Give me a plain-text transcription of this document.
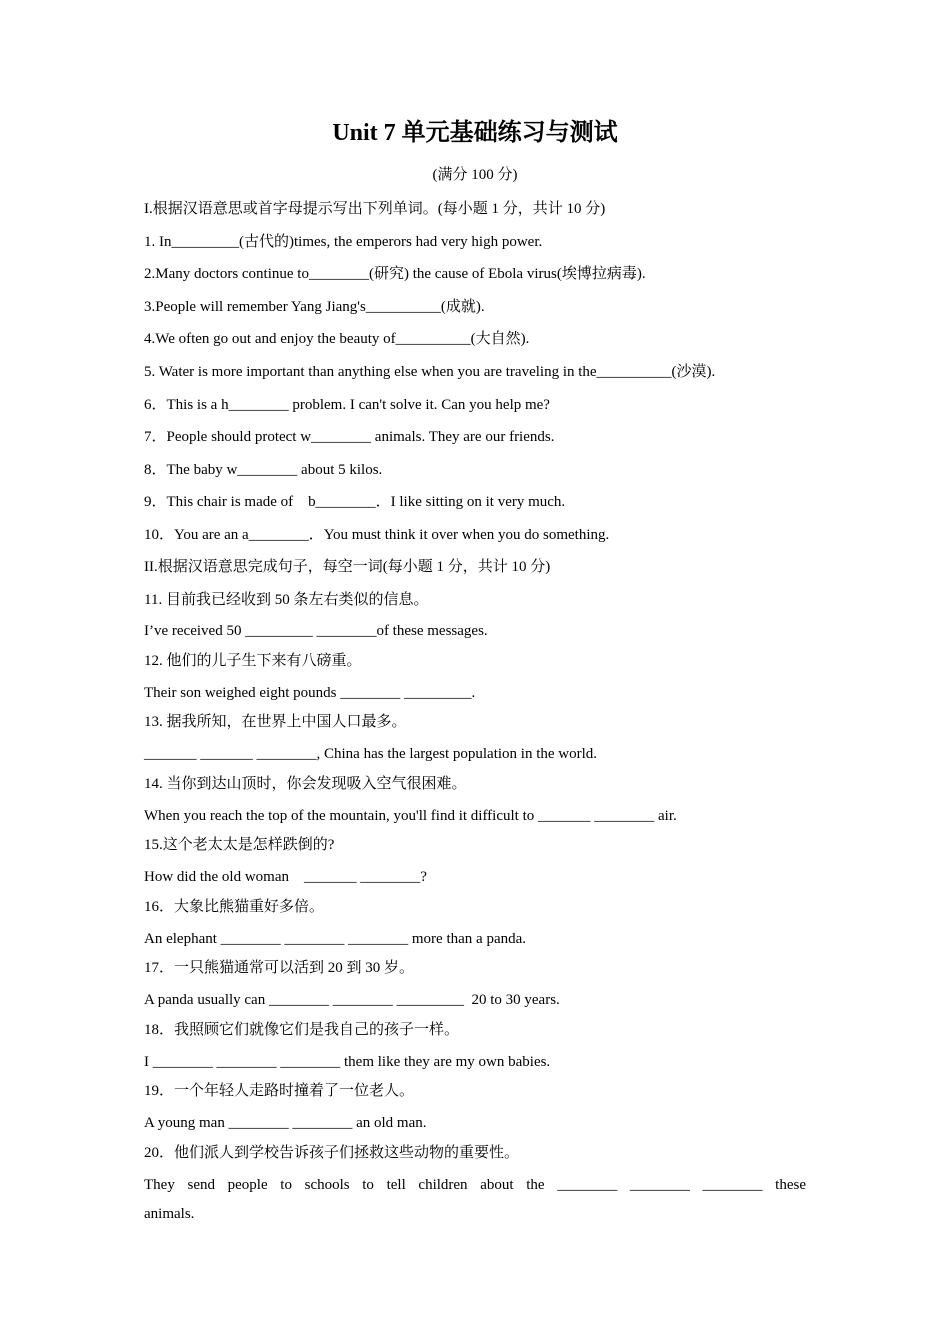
Unit 7 单元基础练习与测试
(满分 100 分)
I.根据汉语意思或首字母提示写出下列单词。(每小题 1 分，共计 10 分)
1. In_________(古代的)times, the emperors had very high power.
2.Many doctors continue to________(研究) the cause of Ebola virus(埃博拉病毒).
3.People will remember Yang Jiang's__________(成就).
4.We often go out and enjoy the beauty of__________(大自然).
5. Water is more important than anything else when you are traveling in the__________(沙漠).
6．This is a h________ problem. I can't solve it. Can you help me?
7．People should protect w________ animals. They are our friends.
8．The baby w________ about 5 kilos.
9．This chair is made of    b________．I like sitting on it very much.
10．You are an a________．You must think it over when you do something.
II.根据汉语意思完成句子，每空一词(每小题 1 分，共计 10 分)
11. 目前我已经收到 50 条左右类似的信息。
I’ve received 50 _________ ________of these messages.
12. 他们的儿子生下来有八磅重。
Their son weighed eight pounds ________ _________.
13. 据我所知，在世界上中国人口最多。
_______ _______ ________, China has the largest population in the world.
14. 当你到达山顶时，你会发现吸入空气很困难。
When you reach the top of the mountain, you'll find it difficult to _______ ________ air.
15.这个老太太是怎样跌倒的?
How did the old woman    _______ ________?
16．大象比熊猫重好多倍。
An elephant ________ ________ ________ more than a panda.
17．一只熊猫通常可以活到 20 到 30 岁。
A panda usually can ________ ________ _________  20 to 30 years.
18．我照顾它们就像它们是我自己的孩子一样。
I ________ ________ ________ them like they are my own babies.
19．一个年轻人走路时撞着了一位老人。
A young man ________ ________ an old man.
20．他们派人到学校告诉孩子们拯救这些动物的重要性。
They send people to schools to tell children about the ________ ________ ________ these
animals.
